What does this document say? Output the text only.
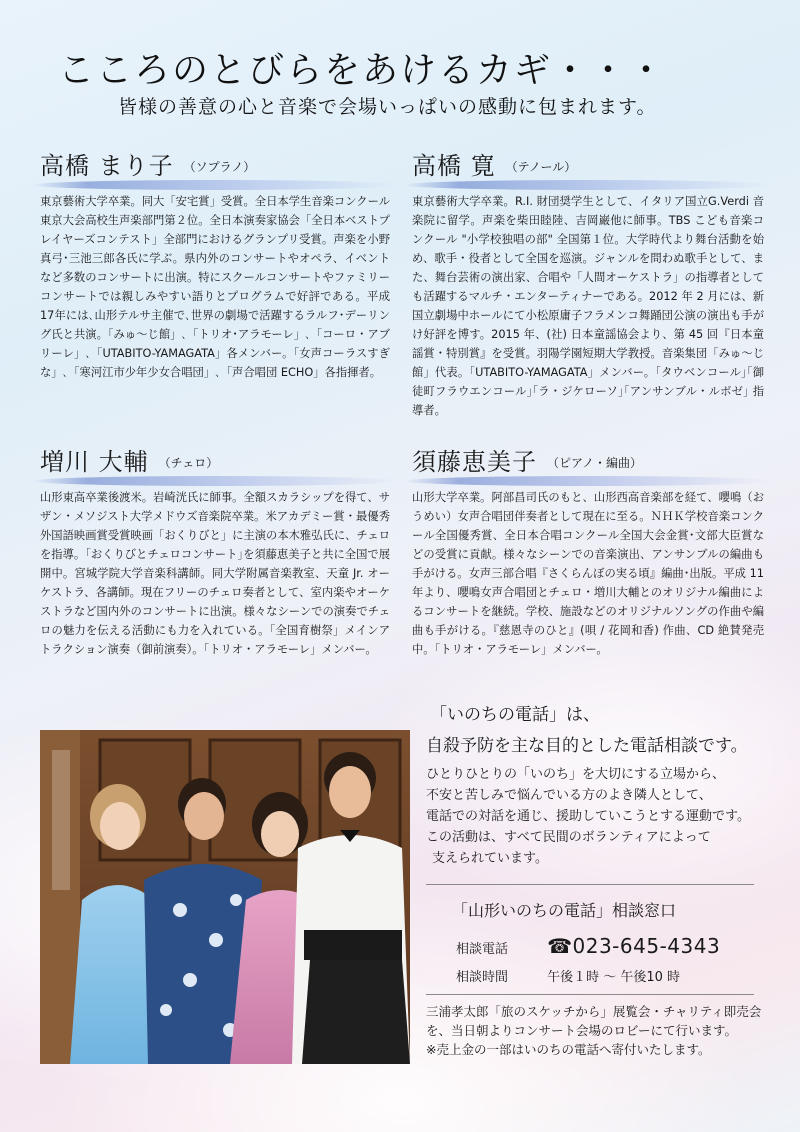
こころのとびらをあけるカギ・・・
皆様の善意の心と音楽で会場いっぱいの感動に包まれます。
高橋 まり子 （ソプラノ）
東京藝術大学卒業。同大「安宅賞」受賞。全日本学生音楽コンクール東京大会高校生声楽部門第２位。全日本演奏家協会「全日本ベストプレイヤーズコンテスト」全部門におけるグランプリ受賞。声楽を小野真弓･三池三郎各氏に学ぶ。県内外のコンサートやオペラ、イベントなど多数のコンサートに出演。特にスクールコンサートやファミリーコンサートでは親しみやすい語りとプログラムで好評である。平成17年には､山形テルサ主催で､世界の劇場で活躍するラルフ･デーリング氏と共演。「みゅ～じ館」､「トリオ･アラモーレ」､「コーロ・アブリーレ」､「UTABITO-YAMAGATA」各メンバー。「女声コーラスすぎな」､「寒河江市少年少女合唱団」､「声合唱団 ECHO」各指揮者。
高橋 寛 （テノール）
東京藝術大学卒業。R.I. 財団奨学生として、イタリア国立G.Verdi 音楽院に留学。声楽を柴田睦陸、吉岡巌他に師事。TBS こども音楽コンクール "小学校独唱の部" 全国第１位。大学時代より舞台活動を始め、歌手・役者として全国を巡演。ジャンルを問わぬ歌手として、また、舞台芸術の演出家、合唱や「人間オーケストラ」の指導者としても活躍するマルチ・エンターティナーである。2012 年 2 月には、新国立劇場中ホールにて小松原庸子フラメンコ舞踊団公演の演出も手がけ好評を博す。2015 年、(社) 日本童謡協会より、第 45 回『日本童謡賞・特別賞』を受賞。羽陽学園短期大学教授。音楽集団「みゅ～じ館」代表。「UTABITO-YAMAGATA」メンバー。｢タウベンコール｣｢御徒町フラウエンコール｣｢ラ・ジケローソ｣｢アンサンブル・ルボゼ｣ 指導者。
増川 大輔 （チェロ）
山形東高卒業後渡米。岩崎洸氏に師事。全額スカラシップを得て、サザン・メソジスト大学メドウズ音楽院卒業。米アカデミー賞・最優秀外国語映画賞受賞映画「おくりびと」に主演の本木雅弘氏に、チェロを指導。｢おくりびとチェロコンサート｣を須藤恵美子と共に全国で展開中。宮城学院大学音楽科講師。同大学附属音楽教室、天童 Jr. オーケストラ、各講師。現在フリーのチェロ奏者として、室内楽やオーケストラなど国内外のコンサートに出演。様々なシーンでの演奏でチェロの魅力を伝える活動にも力を入れている。「全国育樹祭」メインアトラクション演奏（御前演奏）。「トリオ・アラモーレ」メンバー。
須藤恵美子 （ピアノ・編曲）
山形大学卒業。阿部昌司氏のもと、山形西高音楽部を経て、嚶鳴（おうめい）女声合唱団伴奏者として現在に至る。ＮＨＫ学校音楽コンクール全国優秀賞、全日本合唱コンクール全国大会金賞･文部大臣賞などの受賞に貢献。様々なシーンでの音楽演出、アンサンブルの編曲も手がける。女声三部合唱『さくらんぼの実る頃』編曲･出版。平成 11 年より、嚶鳴女声合唱団とチェロ・増川大輔とのオリジナル編曲によるコンサートを継続。学校、施設などのオリジナルソングの作曲や編曲も手がける。『慈恩寺のひと』(唄 / 花岡和香) 作曲、CD 絶賛発売中。「トリオ・アラモーレ」メンバー。
「いのちの電話」は、
自殺予防を主な目的とした電話相談です。
ひとりひとりの「いのち」を大切にする立場から、
不安と苦しみで悩んでいる方のよき隣人として、
電話での対話を通じ、援助していこうとする運動です。
この活動は、すべて民間のボランティアによって
支えられています。
「山形いのちの電話」相談窓口
相談電話 ☎023-645-4343
相談時間	午後１時 ～ 午後10 時
三浦孝太郎「旅のスケッチから」展覧会・チャリティ即売会を、当日朝よりコンサート会場のロビーにて行います。
※売上金の一部はいのちの電話へ寄付いたします。
